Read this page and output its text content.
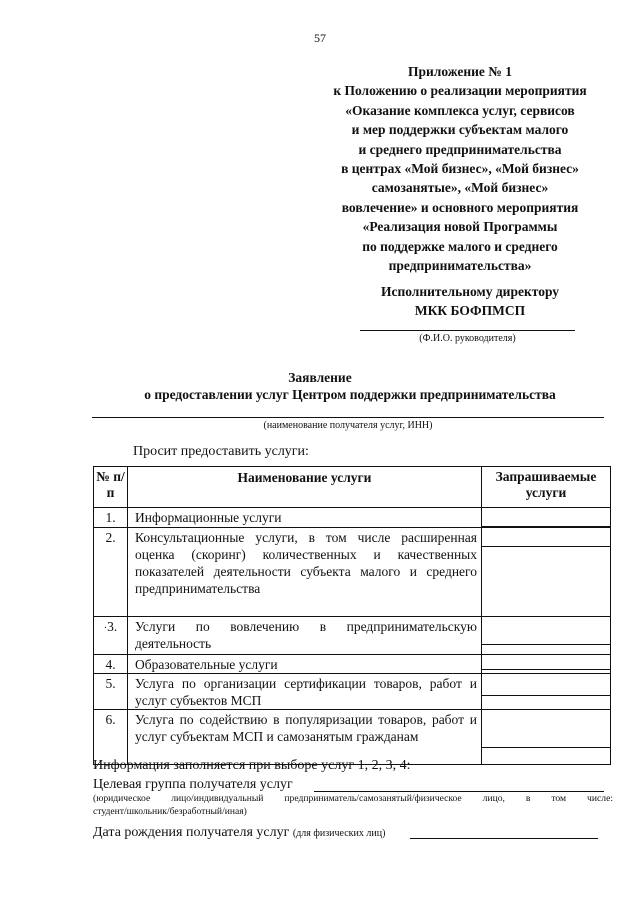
57
Приложение № 1
к Положению о реализации мероприятия
«Оказание комплекса услуг, сервисов
и мер поддержки субъектам малого
и среднего предпринимательства
в центрах «Мой бизнес», «Мой бизнес»
самозанятые», «Мой бизнес»
вовлечение» и основного мероприятия
«Реализация новой Программы
по поддержке малого и среднего
предпринимательства»
Исполнительному директору
МКК БОФПМСП
(Ф.И.О. руководителя)
Заявление
о предоставлении услуг Центром поддержки предпринимательства
(наименование получателя услуг, ИНН)
Просит предоставить услуги:
№ п/п	Наименование услуги	Запрашиваемые услуги
1.	Информационные услуги	

2.	Консультационные услуги, в том числе расширенная оценка (скоринг) количественных и качественных показателей деятельности субъекта малого и среднего предпринимательства	

·3.	Услуги по вовлечению в предпринимательскую деятельность	

4.	Образовательные услуги	

5.	Услуга по организации сертификации товаров, работ и услуг субъектов МСП	

6.	Услуга по содействию в популяризации товаров, работ и услуг субъектам МСП и самозанятым гражданам	
Информация заполняется при выборе услуг 1, 2, 3, 4:
Целевая группа получателя услуг
(юридическое лицо/индивидуальный предприниматель/самозанятый/физическое лицо, в том числе:
студент/школьник/безработный/иная)
Дата рождения получателя услуг (для физических лиц)
